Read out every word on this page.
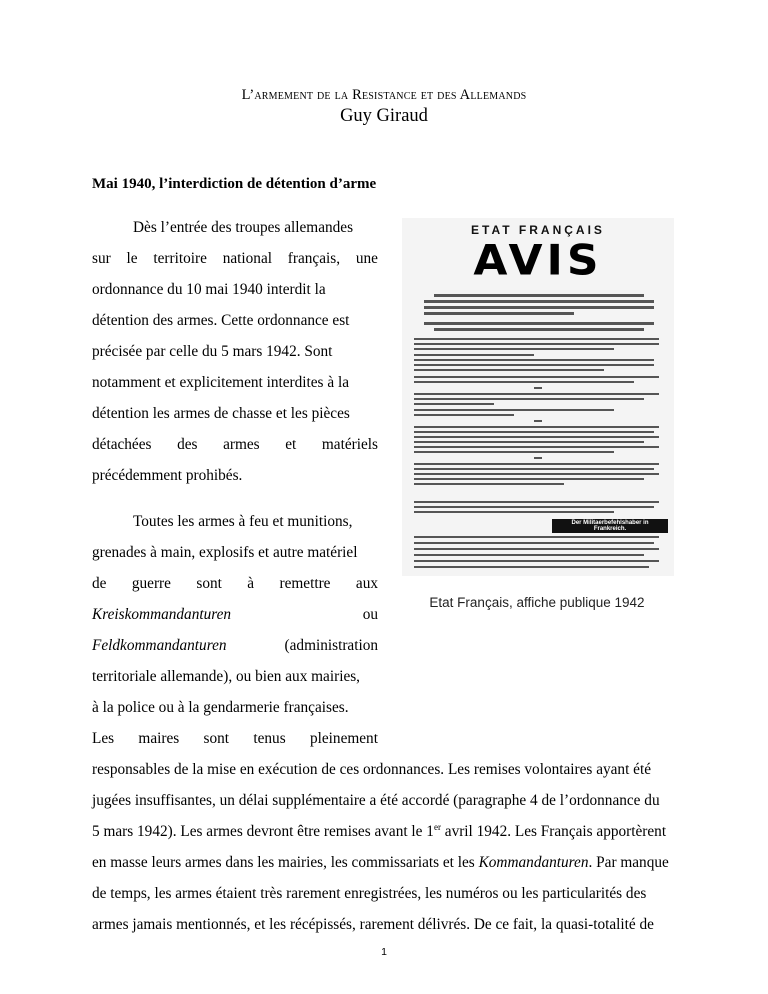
L’armement de la Resistance et des Allemands
Guy Giraud
Mai 1940, l’interdiction de détention d’arme
Dès l’entrée des troupes allemandes
sur le territoire national français, une
ordonnance du 10 mai 1940 interdit la
détention des armes. Cette ordonnance est
précisée par celle du 5 mars 1942. Sont
notamment et explicitement interdites à la
détention les armes de chasse et les pièces
détachées des armes et matériels
précédemment prohibés.
Toutes les armes à feu et munitions,
grenades à main, explosifs et autre matériel
de guerre sont à remettre aux
Kreiskommandanturen	ou
Feldkommandanturen	(administration
territoriale allemande), ou bien aux mairies,
à la police ou à la gendarmerie françaises.
Les maires sont tenus pleinement
responsables de la mise en exécution de ces ordonnances. Les remises volontaires ayant été
jugées insuffisantes, un délai supplémentaire a été accordé (paragraphe 4 de l’ordonnance du
5 mars 1942). Les armes devront être remises avant le 1er avril 1942. Les Français apportèrent
en masse leurs armes dans les mairies, les commissariats et les Kommandanturen. Par manque
de temps, les armes étaient très rarement enregistrées, les numéros ou les particularités des
armes jamais mentionnés, et les récépissés, rarement délivrés. De ce fait, la quasi-totalité de
ETAT FRANÇAIS
AVIS
Der Militaerbefehlshaber in Frankreich.
Etat Français, affiche publique 1942
1
